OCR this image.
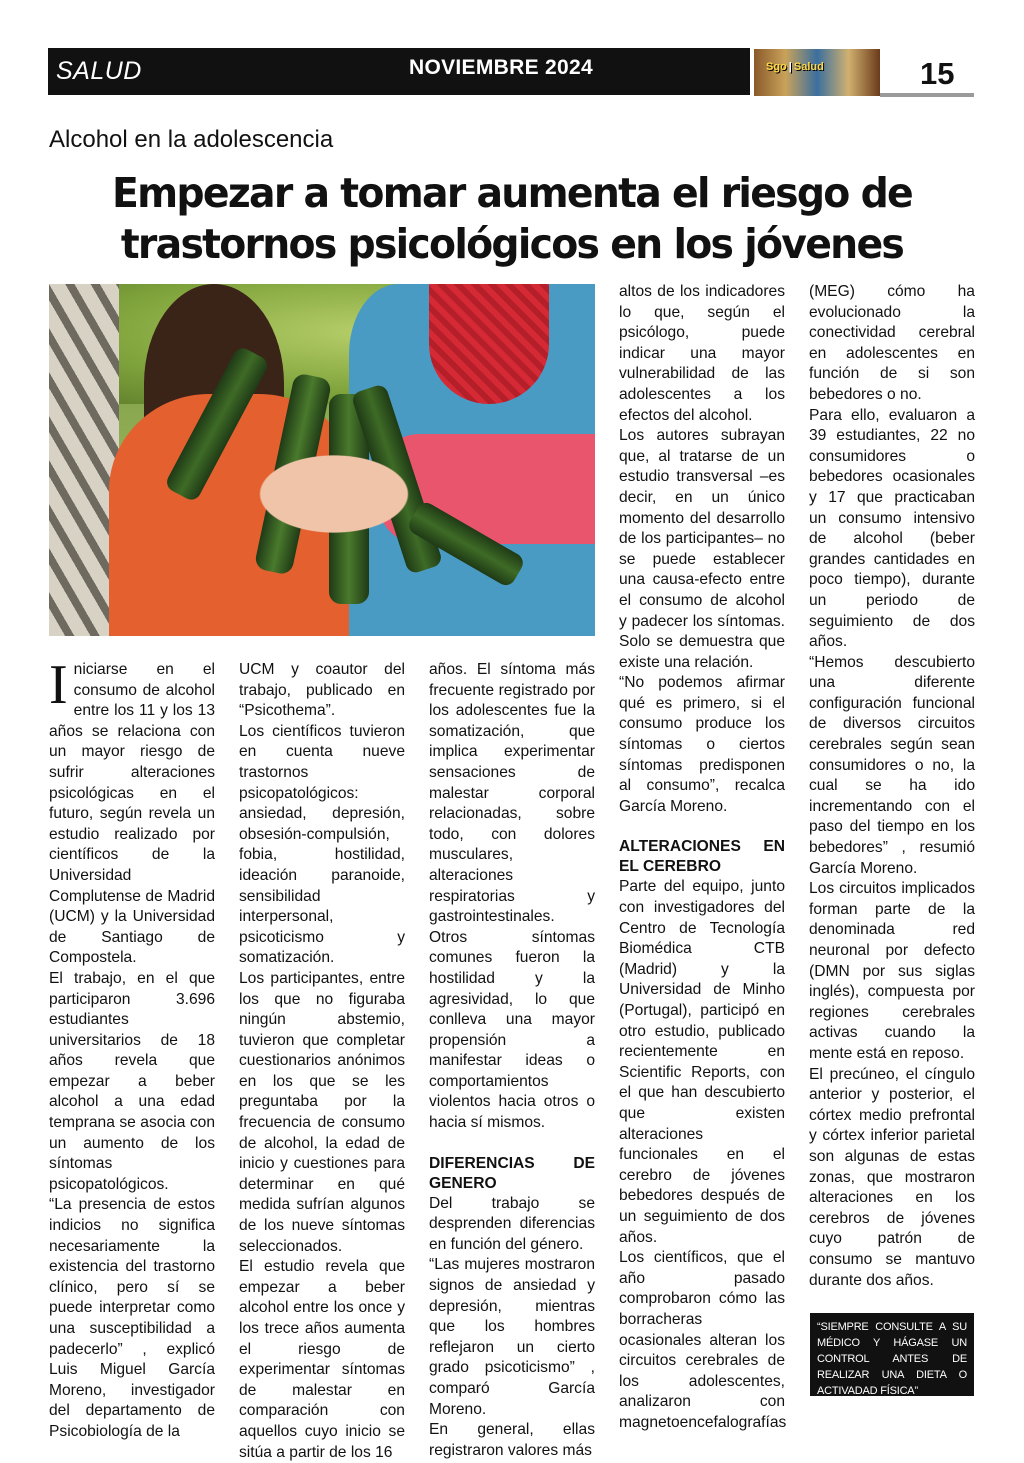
SALUD	NOVIEMBRE 2024	Sgo | Salud	15
Alcohol en la adolescencia
Empezar a tomar aumenta el riesgo de
trastornos psicológicos en los jóvenes

Iniciarse en el consumo de alcohol entre los 11 y los 13 años se relaciona con un mayor riesgo de sufrir alteraciones psicológicas en el futuro, según revela un estudio realizado por científicos de la Universidad Complutense de Madrid (UCM) y la Universidad de Santiago de Compostela.

El trabajo, en el que participaron 3.696 estudiantes universitarios de 18 años revela que empezar a beber alcohol a una edad temprana se asocia con un aumento de los síntomas psicopatológicos.

“La presencia de estos indicios no significa necesariamente la existencia del trastorno clínico, pero sí se puede interpretar como una susceptibilidad a padecerlo” , explicó Luis Miguel García Moreno, investigador del departamento de Psicobiología de la

UCM y coautor del trabajo, publicado en “Psicothema”.

Los científicos tuvieron en cuenta nueve trastornos psicopatológicos: ansiedad, depresión, obsesión-compulsión, fobia, hostilidad, ideación paranoide, sensibilidad interpersonal, psicoticismo y somatización.

Los participantes, entre los que no figuraba ningún abstemio, tuvieron que completar cuestionarios anónimos en los que se les preguntaba por la frecuencia de consumo de alcohol, la edad de inicio y cuestiones para determinar en qué medida sufrían algunos de los nueve síntomas seleccionados.

El estudio revela que empezar a beber alcohol entre los once y los trece años aumenta el riesgo de experimentar síntomas de malestar en comparación con aquellos cuyo inicio se sitúa a partir de los 16

años. El síntoma más frecuente registrado por los adolescentes fue la somatización, que implica experimentar sensaciones de malestar corporal relacionadas, sobre todo, con dolores musculares, alteraciones respiratorias y gastrointestinales.

Otros síntomas comunes fueron la hostilidad y la agresividad, lo que conlleva una mayor propensión a manifestar ideas o comportamientos violentos hacia otros o hacia sí mismos.

DIFERENCIAS DE GENERO

Del trabajo se desprenden diferencias en función del género.

“Las mujeres mostraron signos de ansiedad y depresión, mientras que los hombres reflejaron un cierto grado psicoticismo” , comparó García Moreno.

En general, ellas registraron valores más

altos de los indicadores lo que, según el psicólogo, puede indicar una mayor vulnerabilidad de las adolescentes a los efectos del alcohol.

Los autores subrayan que, al tratarse de un estudio transversal –es decir, en un único momento del desarrollo de los participantes– no se puede establecer una causa-efecto entre el consumo de alcohol y padecer los síntomas. Solo se demuestra que existe una relación.

“No podemos afirmar qué es primero, si el consumo produce los síntomas o ciertos síntomas predisponen al consumo”, recalca García Moreno.

ALTERACIONES EN EL CEREBRO

Parte del equipo, junto con investigadores del Centro de Tecnología Biomédica CTB (Madrid) y la Universidad de Minho (Portugal), participó en otro estudio, publicado recientemente en Scientific Reports, con el que han descubierto que existen alteraciones funcionales en el cerebro de jóvenes bebedores después de un seguimiento de dos años.

Los científicos, que el año pasado comprobaron cómo las borracheras ocasionales alteran los circuitos cerebrales de los adolescentes, analizaron con magnetoencefalografías

(MEG) cómo ha evolucionado la conectividad cerebral en adolescentes en función de si son bebedores o no.

Para ello, evaluaron a 39 estudiantes, 22 no consumidores o bebedores ocasionales y 17 que practicaban un consumo intensivo de alcohol (beber grandes cantidades en poco tiempo), durante un periodo de seguimiento de dos años.

“Hemos descubierto una diferente configuración funcional de diversos circuitos cerebrales según sean consumidores o no, la cual se ha ido incrementando con el paso del tiempo en los bebedores” , resumió García Moreno.

Los circuitos implicados forman parte de la denominada red neuronal por defecto (DMN por sus siglas inglés), compuesta por regiones cerebrales activas cuando la mente está en reposo.

El precúneo, el cíngulo anterior y posterior, el córtex medio prefrontal y córtex inferior parietal son algunas de estas zonas, que mostraron alteraciones en los cerebros de jóvenes cuyo patrón de consumo se mantuvo durante dos años.

“SIEMPRE CONSULTE A SU MÉDICO Y HÁGASE UN CONTROL ANTES DE REALIZAR UNA DIETA O ACTIVADAD FÍSICA”
